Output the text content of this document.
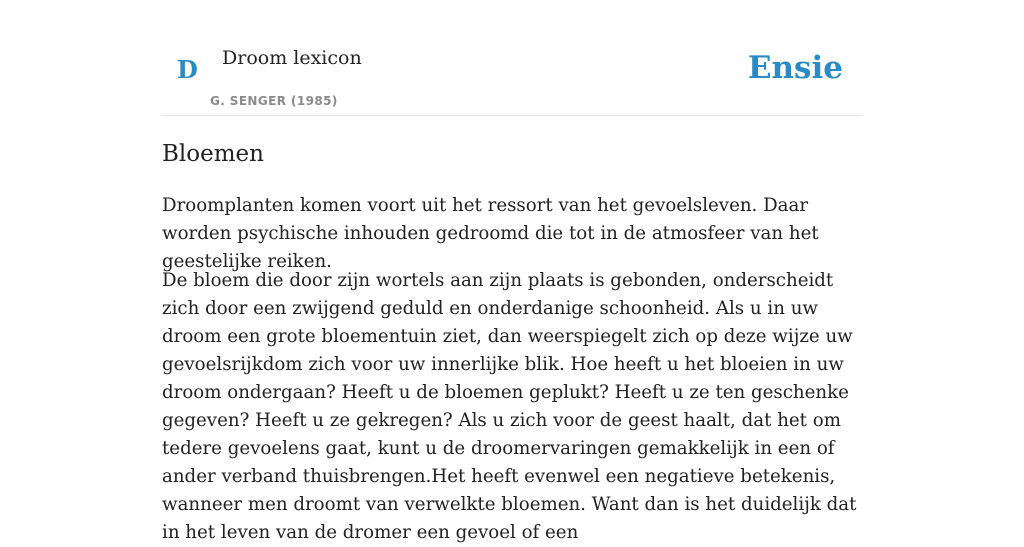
D Droom lexicon
G. SENGER (1985)
Ensie
Bloemen

Droomplanten komen voort uit het ressort van het gevoelsleven. Daar worden psychische inhouden gedroomd die tot in de atmosfeer van het geestelijke reiken.

De bloem die door zijn wortels aan zijn plaats is gebonden, onderscheidt zich door een zwijgend geduld en onderdanige schoonheid. Als u in uw droom een grote bloementuin ziet, dan weerspiegelt zich op deze wijze uw gevoelsrijkdom zich voor uw innerlijke blik. Hoe heeft u het bloeien in uw droom ondergaan? Heeft u de bloemen geplukt? Heeft u ze ten geschenke gegeven? Heeft u ze gekregen? Als u zich voor de geest haalt, dat het om tedere gevoelens gaat, kunt u de droomervaringen gemakkelijk in een of ander verband thuisbrengen.Het heeft evenwel een negatieve betekenis, wanneer men droomt van verwelkte bloemen. Want dan is het duidelijk dat in het leven van de dromer een gevoel of een
